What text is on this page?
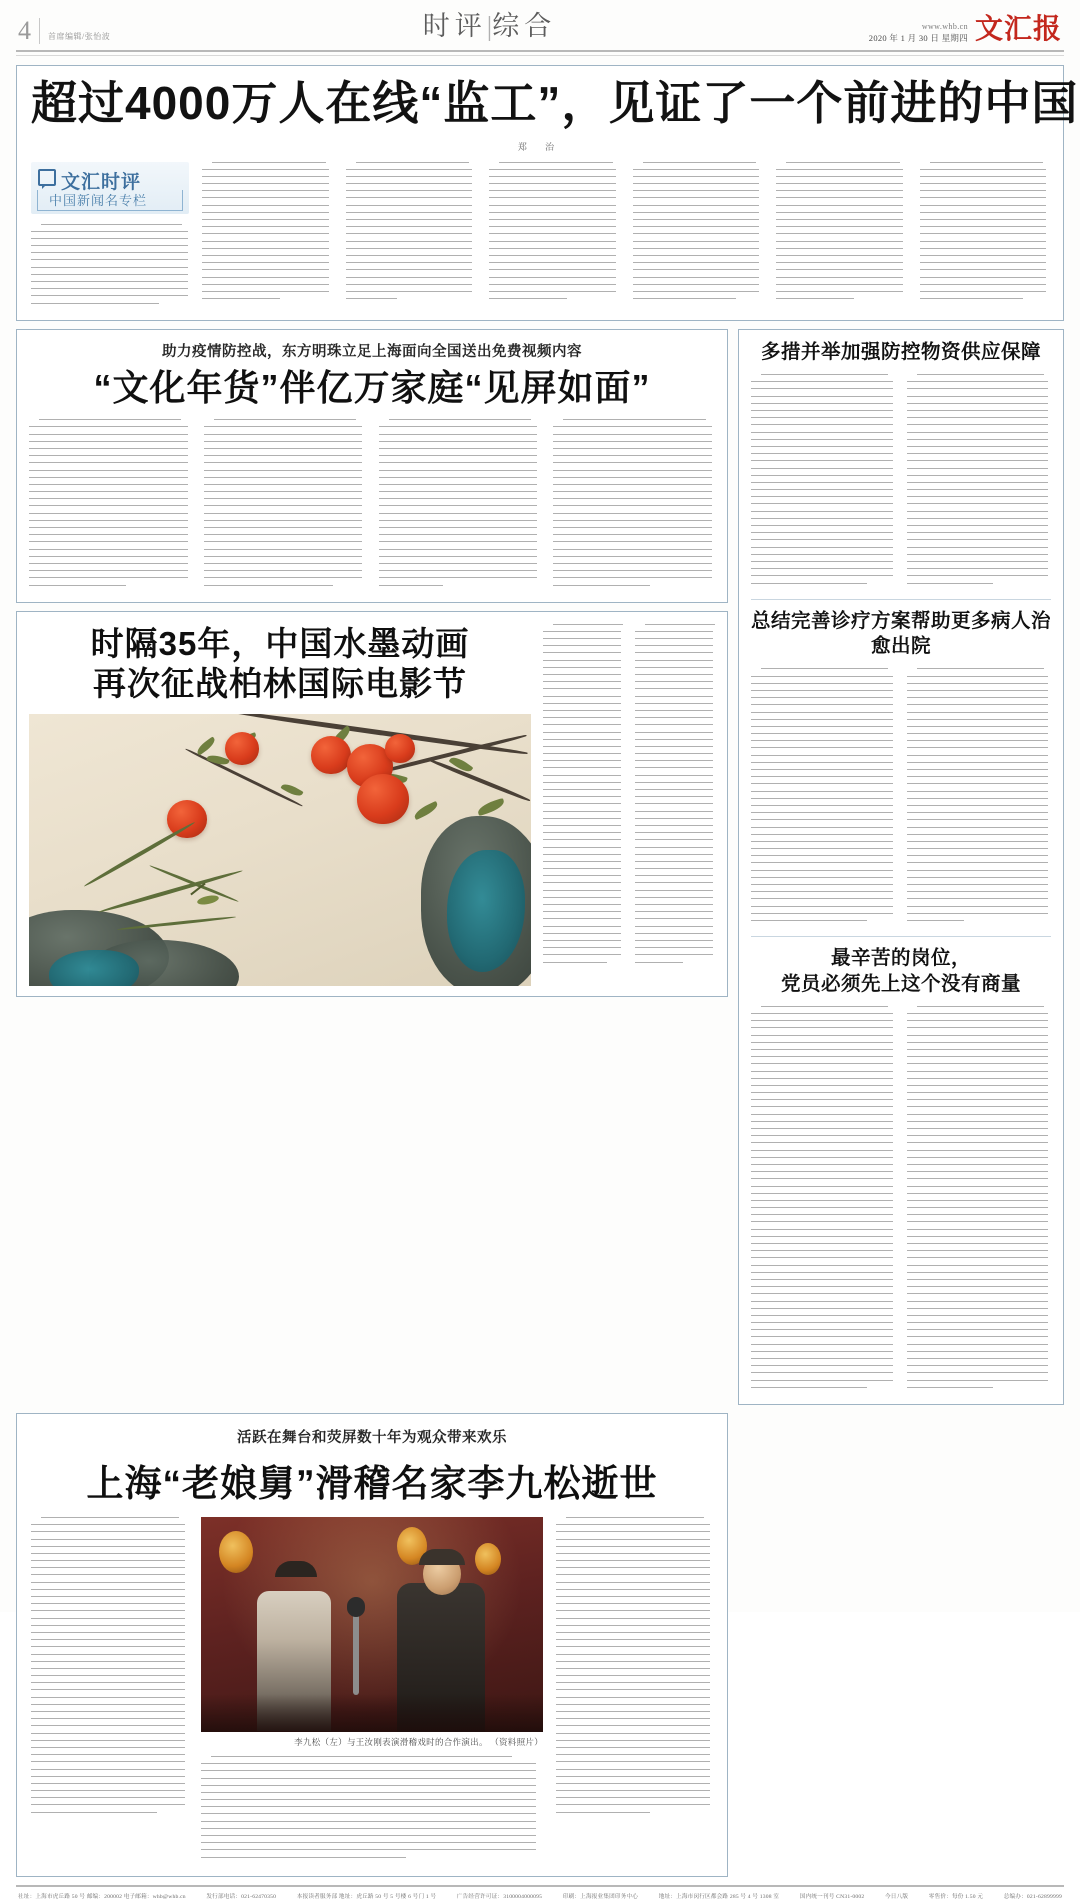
4	首席编辑/张怡波	时评|综合	www.whb.cn
2020 年 1 月 30 日 星期四 文汇报
超过4000万人在线“监工”，见证了一个前进的中国
郑 治
文汇时评
中国新闻名专栏
助力疫情防控战，东方明珠立足上海面向全国送出免费视频内容
“文化年货”伴亿万家庭“见屏如面”
时隔35年，中国水墨动画
再次征战柏林国际电影节
多措并举加强防控物资供应保障
总结完善诊疗方案帮助更多病人治愈出院
最辛苦的岗位，
党员必须先上这个没有商量
活跃在舞台和荧屏数十年为观众带来欢乐
上海“老娘舅”滑稽名家李九松逝世
李九松（左）与王汝刚表演滑稽戏时的合作演出。 （资料照片）
社址：上海市虎丘路 50 号 邮编：200002 电子邮箱：whb@whb.cn	发行部电话：021-62470350	本报读者服务部 地址：虎丘路 50 号 5 号楼 6 号门 1 号	广告经营许可证：3100004000095	印刷：上海报业集团印务中心	地址：上海市闵行区都会路 285 号 4 号 1308 室	国内统一刊号 CN31-0002	今日八版	零售价：每份 1.50 元	总编办：021-62899999
